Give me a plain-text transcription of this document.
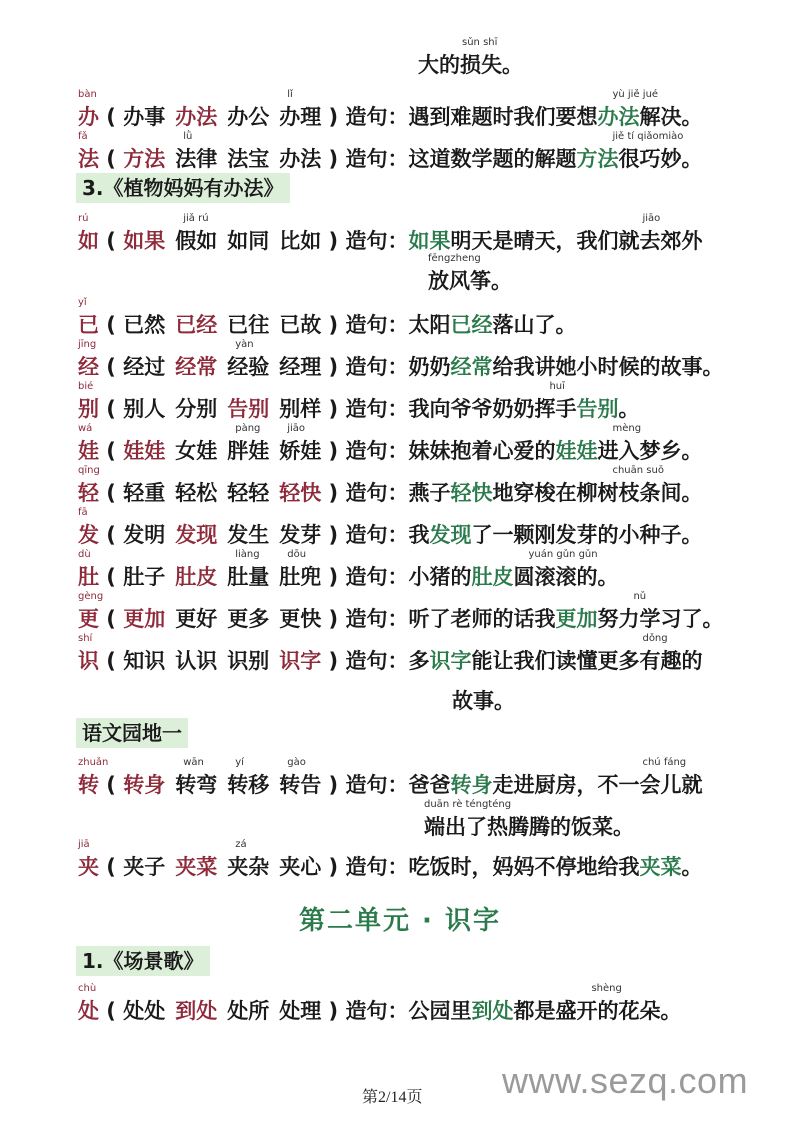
sǔn shī
大的损失。
办
bàn
( 办事 办法 办公 办理
lǐ
) 造句：遇到难题时我们要想办法解决。
yù jiě jué
法
fǎ
( 方法 法律
lǜ
法宝 办法 ) 造句：这道数学题的解题方法很巧妙。
jiě tí qiǎomiào
如
rú
( 如果 假如
jiǎ rú
如同 比如 ) 造句：如果明天是晴天，我们就去郊外
jiāo
放风筝。
fēngzheng
已
yǐ
( 已然 已经 已往 已故 ) 造句：太阳已经落山了。
经
jīng
( 经过 经常 经验
yàn
经理 ) 造句：奶奶经常给我讲她小时候的故事。
别
bié
( 别人 分别 告别 别样 ) 造句：我向爷爷奶奶挥手告别。
huī
娃
wá
( 娃娃 女娃 胖娃
pàng
娇娃
jiāo
) 造句：妹妹抱着心爱的娃娃进入梦乡。
mèng
轻
qīng
( 轻重 轻松 轻轻 轻快 ) 造句：燕子轻快地穿梭在柳树枝条间。
chuān suō
发
fā
( 发明 发现 发生 发芽 ) 造句：我发现了一颗刚发芽的小种子。
肚
dù
( 肚子 肚皮 肚量
liàng
肚兜
dōu
) 造句：小猪的肚皮圆滚滚的。
yuán gǔn gǔn
更
gèng
( 更加 更好 更多 更快 ) 造句：听了老师的话我更加努力学习了。
nǔ
识
shí
( 知识 认识 识别 识字 ) 造句：多识字能让我们读懂更多有趣的
dǒng
故事。
转
zhuǎn
( 转身 转弯
wān
转移
yí
转告
gào
) 造句：爸爸转身走进厨房，不一会儿就
chú fáng
端出了热腾腾的饭菜。
duān rè téngténg
夹
jiā
( 夹子 夹菜 夹杂
zá
夹心 ) 造句：吃饭时，妈妈不停地给我夹菜。
处
chù
( 处处 到处 处所 处理 ) 造句：公园里到处都是盛开的花朵。
shèng
3.《植物妈妈有办法》
语文园地一
第二单元 · 识字
1.《场景歌》
第2/14页 www.sezq.com
